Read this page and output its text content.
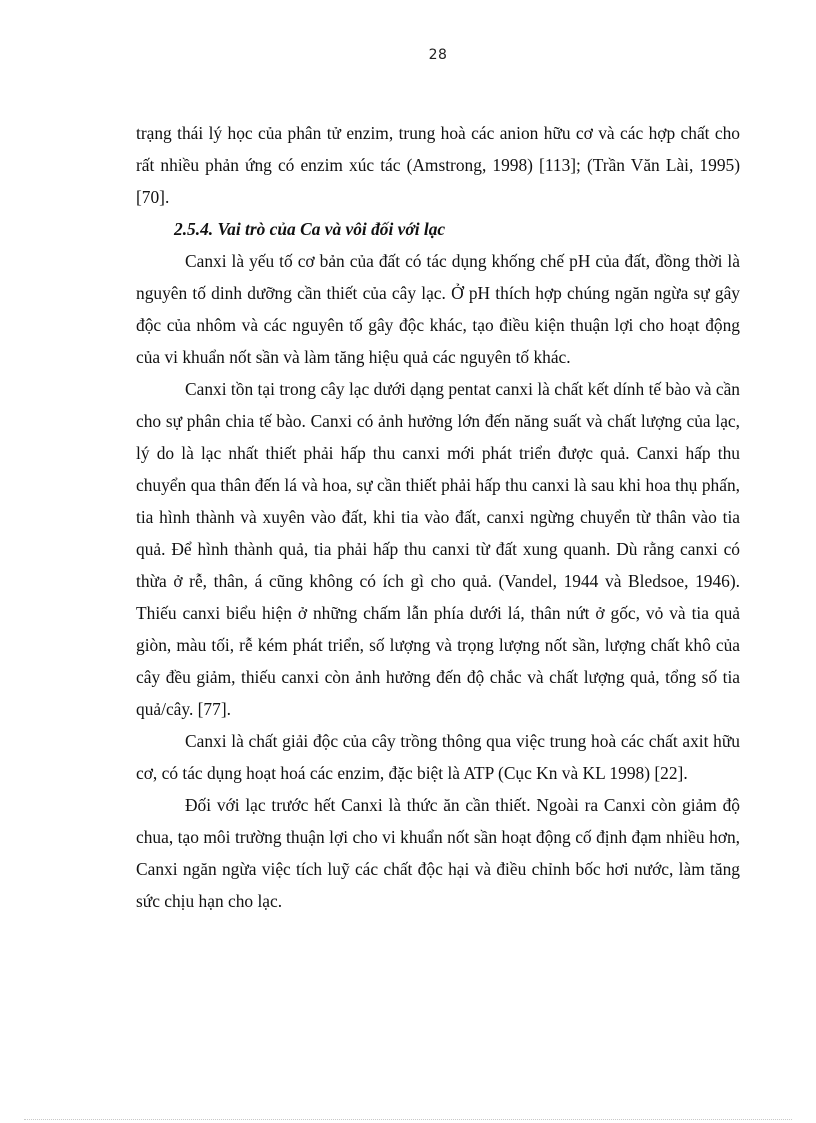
28

trạng thái lý học của phân tử enzim, trung hoà các anion hữu cơ và các hợp chất cho rất nhiều phản ứng có enzim xúc tác (Amstrong, 1998) [113]; (Trần Văn Lài, 1995) [70].

2.5.4. Vai trò của Ca và vôi đối với lạc

Canxi là yếu tố cơ bản của đất có tác dụng khống chế pH của đất, đồng thời là nguyên tố dinh dưỡng cần thiết của cây lạc. Ở pH thích hợp chúng ngăn ngừa sự gây độc của nhôm và các nguyên tố gây độc khác, tạo điều kiện thuận lợi cho hoạt động của vi khuẩn nốt sần và làm tăng hiệu quả các nguyên tố khác.

Canxi tồn tại trong cây lạc dưới dạng pentat canxi là chất kết dính tế bào và cần cho sự phân chia tế bào. Canxi có ảnh hưởng lớn đến năng suất và chất lượng của lạc, lý do là lạc nhất thiết phải hấp thu canxi mới phát triển được quả. Canxi hấp thu chuyển qua thân đến lá và hoa, sự cần thiết phải hấp thu canxi là sau khi hoa thụ phấn, tia hình thành và xuyên vào đất, khi tia vào đất, canxi ngừng chuyển từ thân vào tia quả. Để hình thành quả, tia phải hấp thu canxi từ đất xung quanh. Dù rằng canxi có thừa ở rễ, thân, á cũng không có ích gì cho quả. (Vandel, 1944 và Bledsoe, 1946). Thiếu canxi biểu hiện ở những chấm lẫn phía dưới lá, thân nứt ở gốc, vỏ và tia quả giòn, màu tối, rễ kém phát triển, số lượng và trọng lượng nốt sần, lượng chất khô của cây đều giảm, thiếu canxi còn ảnh hưởng đến độ chắc và chất lượng quả, tổng số tia quả/cây. [77].

Canxi là chất giải độc của cây trồng thông qua việc trung hoà các chất axit hữu cơ, có tác dụng hoạt hoá các enzim, đặc biệt là ATP (Cục Kn và KL 1998) [22].

Đối với lạc trước hết Canxi là thức ăn cần thiết. Ngoài ra Canxi còn giảm độ chua, tạo môi trường thuận lợi cho vi khuẩn nốt sần hoạt động cố định đạm nhiều hơn, Canxi ngăn ngừa việc tích luỹ các chất độc hại và điều chỉnh bốc hơi nước, làm tăng sức chịu hạn cho lạc.
